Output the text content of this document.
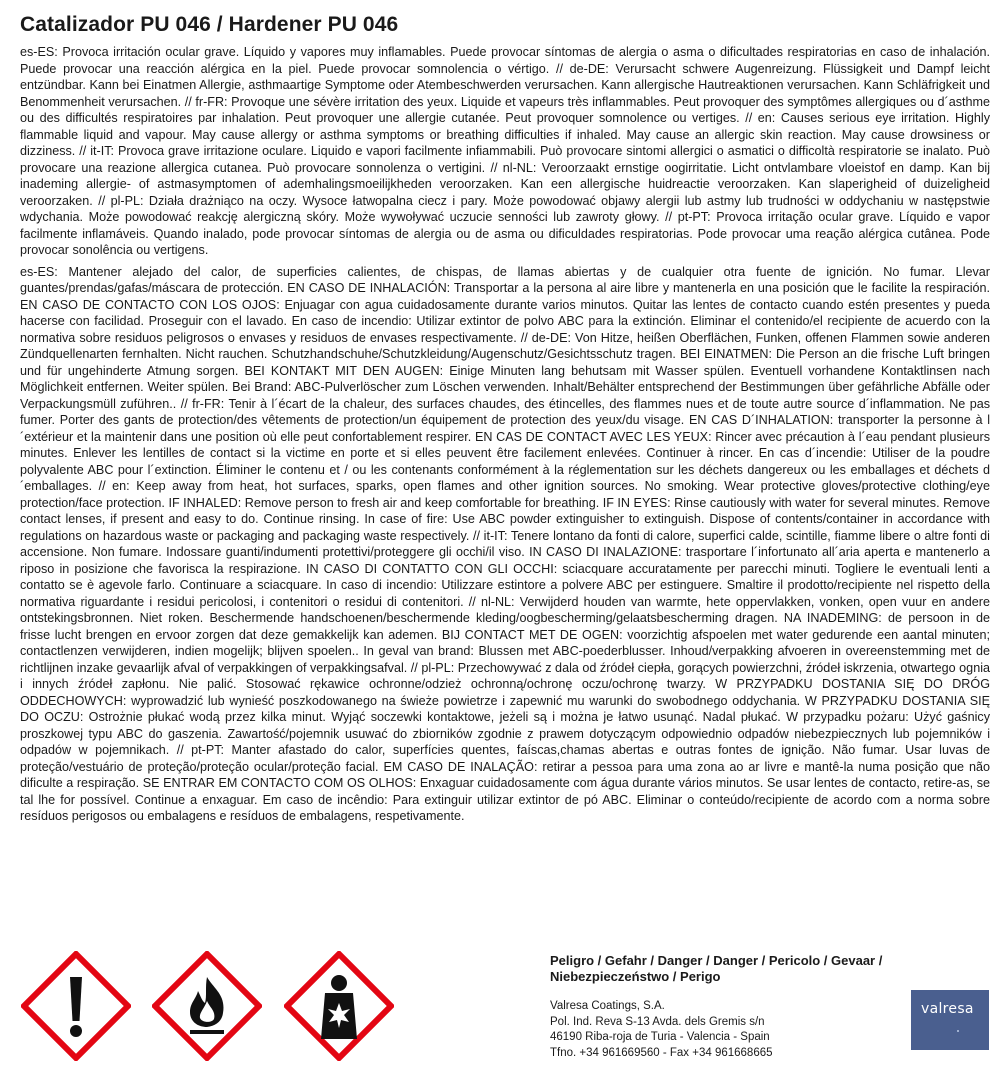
Catalizador PU 046 / Hardener PU 046

es-ES: Provoca irritación ocular grave. Líquido y vapores muy inflamables. Puede provocar síntomas de alergia o asma o dificultades respiratorias en caso de inhalación. Puede provocar una reacción alérgica en la piel. Puede provocar somnolencia o vértigo. // de-DE: Verursacht schwere Augenreizung. Flüssigkeit und Dampf leicht entzündbar. Kann bei Einatmen Allergie, asthmaartige Symptome oder Atembeschwerden verursachen. Kann allergische Hautreaktionen verursachen. Kann Schläfrigkeit und Benommenheit verursachen. // fr-FR: Provoque une sévère irritation des yeux. Liquide et vapeurs très inflammables. Peut provoquer des symptômes allergiques ou d´asthme ou des difficultés respiratoires par inhalation. Peut provoquer une allergie cutanée. Peut provoquer somnolence ou vertiges. // en: Causes serious eye irritation. Highly flammable liquid and vapour. May cause allergy or asthma symptoms or breathing difficulties if inhaled. May cause an allergic skin reaction. May cause drowsiness or dizziness. // it-IT: Provoca grave irritazione oculare. Liquido e vapori facilmente infiammabili. Può provocare sintomi allergici o asmatici o difficoltà respiratorie se inalato. Può provocare una reazione allergica cutanea. Può provocare sonnolenza o vertigini. // nl-NL: Veroorzaakt ernstige oogirritatie. Licht ontvlambare vloeistof en damp. Kan bij inademing allergie- of astmasymptomen of ademhalingsmoeilijkheden veroorzaken. Kan een allergische huidreactie veroorzaken. Kan slaperigheid of duizeligheid veroorzaken. // pl-PL: Działa drażniąco na oczy. Wysoce łatwopalna ciecz i pary. Może powodować objawy alergii lub astmy lub trudności w oddychaniu w następstwie wdychania. Może powodować reakcję alergiczną skóry. Może wywoływać uczucie senności lub zawroty głowy. // pt-PT: Provoca irritação ocular grave. Líquido e vapor facilmente inflamáveis. Quando inalado, pode provocar síntomas de alergia ou de asma ou dificuldades respiratorias. Pode provocar uma reação alérgica cutânea. Pode provocar sonolência ou vertigens.

es-ES: Mantener alejado del calor, de superficies calientes, de chispas, de llamas abiertas y de cualquier otra fuente de ignición. No fumar. Llevar guantes/prendas/gafas/máscara de protección. EN CASO DE INHALACIÓN: Transportar a la persona al aire libre y mantenerla en una posición que le facilite la respiración. EN CASO DE CONTACTO CON LOS OJOS: Enjuagar con agua cuidadosamente durante varios minutos. Quitar las lentes de contacto cuando estén presentes y pueda hacerse con facilidad. Proseguir con el lavado. En caso de incendio: Utilizar extintor de polvo ABC para la extinción. Eliminar el contenido/el recipiente de acuerdo con la normativa sobre residuos peligrosos o envases y residuos de envases respectivamente. // de-DE: Von Hitze, heißen Oberflächen, Funken, offenen Flammen sowie anderen Zündquellenarten fernhalten. Nicht rauchen. Schutzhandschuhe/Schutzkleidung/Augenschutz/Gesichtsschutz tragen. BEI EINATMEN: Die Person an die frische Luft bringen und für ungehinderte Atmung sorgen. BEI KONTAKT MIT DEN AUGEN: Einige Minuten lang behutsam mit Wasser spülen. Eventuell vorhandene Kontaktlinsen nach Möglichkeit entfernen. Weiter spülen. Bei Brand: ABC-Pulverlöscher zum Löschen verwenden. Inhalt/Behälter entsprechend der Bestimmungen über gefährliche Abfälle oder Verpackungsmüll zuführen.. // fr-FR: Tenir à l´écart de la chaleur, des surfaces chaudes, des étincelles, des flammes nues et de toute autre source d´inflammation. Ne pas fumer. Porter des gants de protection/des vêtements de protection/un équipement de protection des yeux/du visage. EN CAS D´INHALATION: transporter la personne à l´extérieur et la maintenir dans une position où elle peut confortablement respirer. EN CAS DE CONTACT AVEC LES YEUX: Rincer avec précaution à l´eau pendant plusieurs minutes. Enlever les lentilles de contact si la victime en porte et si elles peuvent être facilement enlevées. Continuer à rincer. En cas d´incendie: Utiliser de la poudre polyvalente ABC pour l´extinction. Éliminer le contenu et / ou les contenants conformément à la réglementation sur les déchets dangereux ou les emballages et déchets d´emballages. // en: Keep away from heat, hot surfaces, sparks, open flames and other ignition sources. No smoking. Wear protective gloves/protective clothing/eye protection/face protection. IF INHALED: Remove person to fresh air and keep comfortable for breathing. IF IN EYES: Rinse cautiously with water for several minutes. Remove contact lenses, if present and easy to do. Continue rinsing. In case of fire: Use ABC powder extinguisher to extinguish. Dispose of contents/container in accordance with regulations on hazardous waste or packaging and packaging waste respectively. // it-IT: Tenere lontano da fonti di calore, superfici calde, scintille, fiamme libere o altre fonti di accensione. Non fumare. Indossare guanti/indumenti protettivi/proteggere gli occhi/il viso. IN CASO DI INALAZIONE: trasportare l´infortunato all´aria aperta e mantenerlo a riposo in posizione che favorisca la respirazione. IN CASO DI CONTATTO CON GLI OCCHI: sciacquare accuratamente per parecchi minuti. Togliere le eventuali lenti a contatto se è agevole farlo. Continuare a sciacquare. In caso di incendio: Utilizzare estintore a polvere ABC per estinguere. Smaltire il prodotto/recipiente nel rispetto della normativa riguardante i residui pericolosi, i contenitori o residui di contenitori. // nl-NL: Verwijderd houden van warmte, hete oppervlakken, vonken, open vuur en andere ontstekingsbronnen. Niet roken. Beschermende handschoenen/beschermende kleding/oogbescherming/gelaatsbescherming dragen. NA INADEMING: de persoon in de frisse lucht brengen en ervoor zorgen dat deze gemakkelijk kan ademen. BIJ CONTACT MET DE OGEN: voorzichtig afspoelen met water gedurende een aantal minuten; contactlenzen verwijderen, indien mogelijk; blijven spoelen.. In geval van brand: Blussen met ABC-poederblusser. Inhoud/verpakking afvoeren in overeenstemming met de richtlijnen inzake gevaarlijk afval of verpakkingen of verpakkingsafval. // pl-PL: Przechowywać z dala od źródeł ciepła, gorących powierzchni, źródeł iskrzenia, otwartego ognia i innych źródeł zapłonu. Nie palić. Stosować rękawice ochronne/odzież ochronną/ochronę oczu/ochronę twarzy. W PRZYPADKU DOSTANIA SIĘ DO DRÓG ODDECHOWYCH: wyprowadzić lub wynieść poszkodowanego na świeże powietrze i zapewnić mu warunki do swobodnego oddychania. W PRZYPADKU DOSTANIA SIĘ DO OCZU: Ostrożnie płukać wodą przez kilka minut. Wyjąć soczewki kontaktowe, jeżeli są i można je łatwo usunąć. Nadal płukać. W przypadku pożaru: Użyć gaśnicy proszkowej typu ABC do gaszenia. Zawartość/pojemnik usuwać do zbiorników zgodnie z prawem dotyczącym odpowiednio odpadów niebezpiecznych lub pojemników i odpadów w pojemnikach. // pt-PT: Manter afastado do calor, superfícies quentes, faíscas,chamas abertas e outras fontes de ignição. Não fumar. Usar luvas de proteção/vestuário de proteção/proteção ocular/proteção facial. EM CASO DE INALAÇÃO: retirar a pessoa para uma zona ao ar livre e mantê-la numa posição que não dificulte a respiração. SE ENTRAR EM CONTACTO COM OS OLHOS: Enxaguar cuidadosamente com água durante vários minutos. Se usar lentes de contacto, retire-as, se tal lhe for possível. Continue a enxaguar. Em caso de incêndio: Para extinguir utilizar extintor de pó ABC. Eliminar o conteúdo/recipiente de acordo com a norma sobre resíduos perigosos ou embalagens e resíduos de embalagens, respetivamente.

Peligro / Gefahr / Danger / Danger / Pericolo / Gevaar / Niebezpieczeństwo / Perigo

Valresa Coatings, S.A.

Pol. Ind. Reva S-13 Avda. dels Gremis s/n

46190 Riba-roja de Turia - Valencia - Spain

Tfno. +34 961669560 - Fax +34 961668665

valresa
